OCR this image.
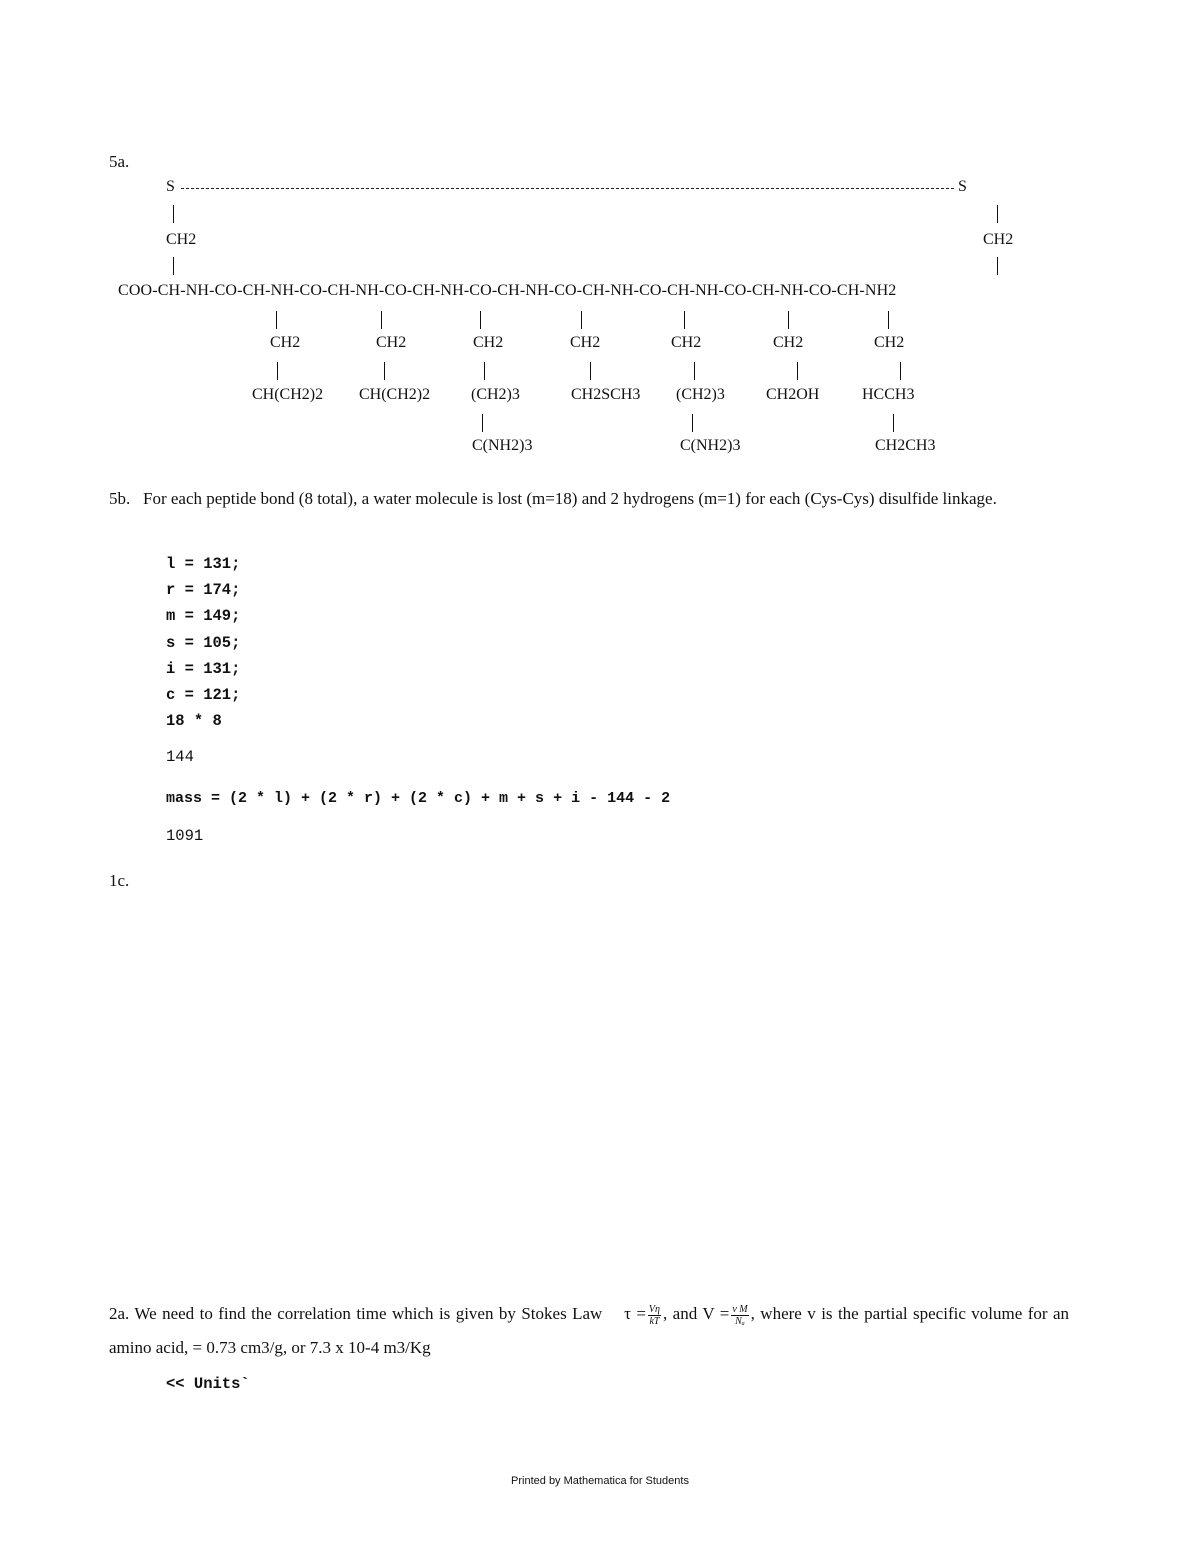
5a.
S	S
CH2	CH2
COO-CH-NH-CO-CH-NH-CO-CH-NH-CO-CH-NH-CO-CH-NH-CO-CH-NH-CO-CH-NH-CO-CH-NH-CO-CH-NH2
CH2	CH2	CH2	CH2	CH2	CH2	CH2
CH(CH2)2 CH(CH2)2	(CH2)3	CH2SCH3 (CH2)3	CH2OH	HCCH3
C(NH2)3	C(NH2)3	CH2CH3
5b.   For each peptide bond (8 total), a water molecule is lost (m=18) and 2 hydrogens (m=1) for each (Cys-Cys) disulfide linkage.
l = 131;
r = 174;
m = 149;
s = 105;
i = 131;
c = 121;
18 * 8
144
mass = (2 * l) + (2 * r) + (2 * c) + m + s + i - 144 - 2
1091
1c.
2a. We need to find the correlation time which is given by Stokes Law $\tau = \frac{V\eta}{kT}$ , and $V = \frac{\text{v M}}{\text{Nₐ}}$ , where v is the partial specific volume for an amino acid, = 0.73 cm3/g, or 7.3 x 10-4 m3/Kg
<< Units`
Printed by Mathematica for Students
